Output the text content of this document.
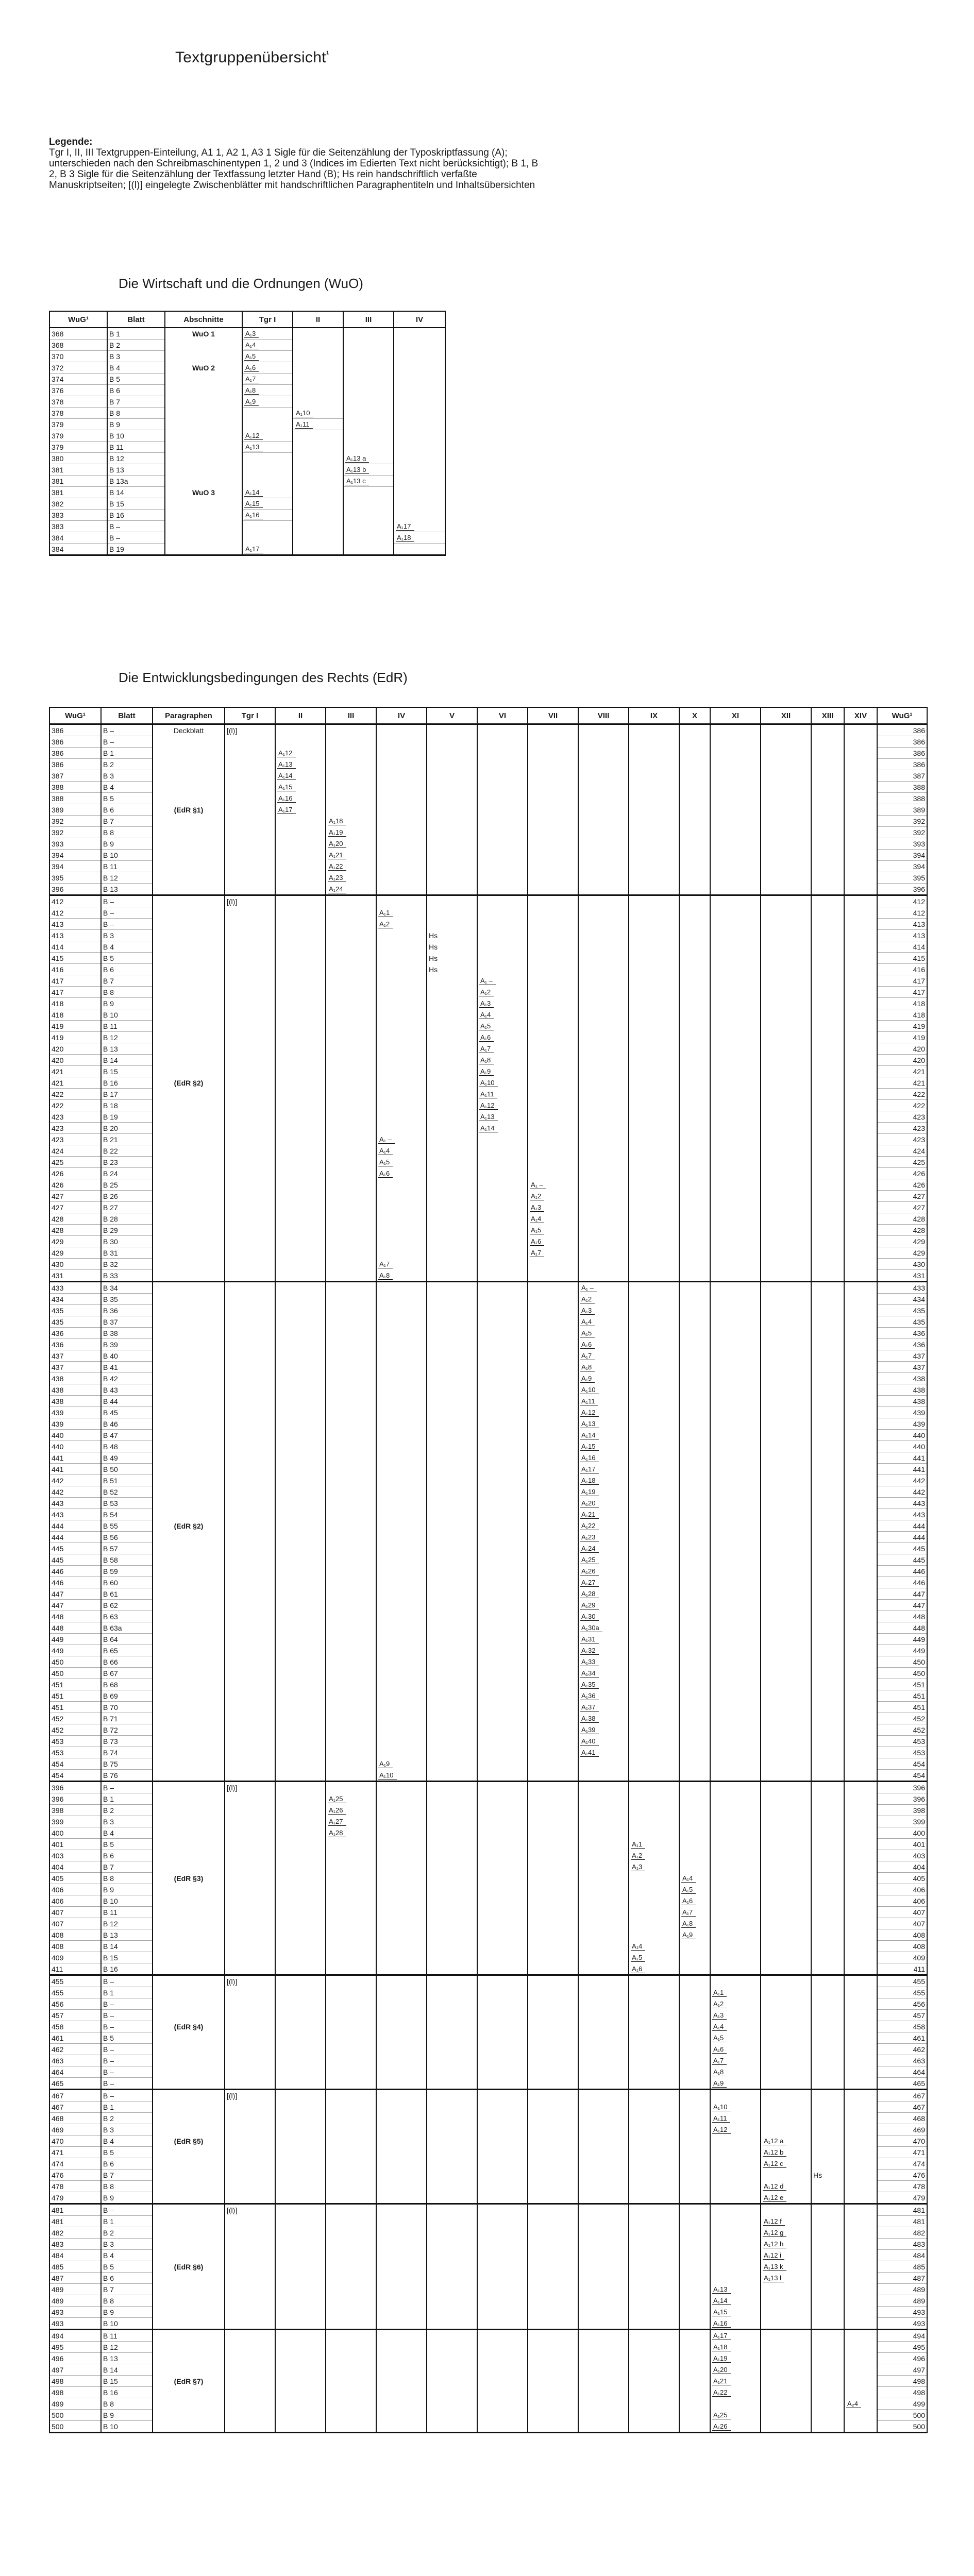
Textgruppenübersicht$^{^1}$
Legende:
Tgr I, II, III Textgruppen-Einteilung, A1 1, A2 1, A3 1 Sigle für die Seitenzählung der Typoskriptfassung (A); unterschieden nach den Schreibmaschinentypen 1, 2 und 3 (Indices im Edierten Text nicht berücksichtigt); B 1, B 2, B 3 Sigle für die Seitenzählung der Textfassung letzter Hand (B); Hs rein handschriftlich verfaßte Manuskriptseiten; [(l)] eingelegte Zwischenblätter mit handschriftlichen Paragraphentiteln und Inhaltsübersichten
Die Wirtschaft und die Ordnungen (WuO)
WuG¹	Blatt	Abschnitte	Tgr I	II	III	IV
368	B 1	WuO 1	A₁3			
368	B 2		A₁4			
370	B 3		A₁5			
372	B 4	WuO 2	A₁6			
374	B 5		A₁7			
376	B 6		A₁8			
378	B 7		A₁9			
378	B 8			A₁10		
379	B 9			A₁11		
379	B 10		A₁12			
379	B 11		A₁13			
380	B 12				A₁13 a	
381	B 13				A₁13 b	
381	B 13a				A₁13 c	
381	B 14	WuO 3	A₁14			
382	B 15		A₁15			
383	B 16		A₁16			
383	B –					A₁17
384	B –					A₁18
384	B 19		A₁17			
Die Entwicklungsbedingungen des Rechts (EdR)
WuG¹	Blatt	Paragraphen	Tgr I	II	III	IV	V	VI	VII	VIII	IX	X	XI	XII	XIII	XIV	WuG¹
386	B –	Deckblatt	[(l)]														386
386	B –																386
386	B 1			A₁12													386
386	B 2			A₁13													386
387	B 3			A₁14													387
388	B 4			A₁15													388
388	B 5			A₁16													388
389	B 6	(EdR §1)		A₁17													389
392	B 7				A₁18												392
392	B 8				A₁19												392
393	B 9				A₁20												393
394	B 10				A₁21												394
394	B 11				A₁22												394
395	B 12				A₁23												395
396	B 13				A₁24												396
412	B –		[(l)]														412
412	B –					A₁1											412
413	B –					A₁2											413
413	B 3						Hs										413
414	B 4						Hs										414
415	B 5						Hs										415
416	B 6						Hs										416
417	B 7							A₁ –									417
417	B 8							A₁2									417
418	B 9							A₁3									418
418	B 10							A₁4									418
419	B 11							A₁5									419
419	B 12							A₁6									419
420	B 13							A₁7									420
420	B 14							A₁8									420
421	B 15							A₁9									421
421	B 16	(EdR §2)						A₁10									421
422	B 17							A₁11									422
422	B 18							A₁12									422
423	B 19							A₁13									423
423	B 20							A₁14									423
423	B 21					A₁ –											423
424	B 22					A₁4											424
425	B 23					A₁5											425
426	B 24					A₁6											426
426	B 25								A₁ –								426
427	B 26								A₁2								427
427	B 27								A₁3								427
428	B 28								A₁4								428
428	B 29								A₁5								428
429	B 30								A₁6								429
429	B 31								A₁7								429
430	B 32					A₁7											430
431	B 33					A₁8											431
433	B 34									A₁ –							433
434	B 35									A₁2							434
435	B 36									A₁3							435
435	B 37									A₁4							435
436	B 38									A₁5							436
436	B 39									A₁6							436
437	B 40									A₁7							437
437	B 41									A₁8							437
438	B 42									A₁9							438
438	B 43									A₁10							438
438	B 44									A₁11							438
439	B 45									A₁12							439
439	B 46									A₁13							439
440	B 47									A₁14							440
440	B 48									A₁15							440
441	B 49									A₁16							441
441	B 50									A₁17							441
442	B 51									A₁18							442
442	B 52									A₁19							442
443	B 53									A₁20							443
443	B 54									A₁21							443
444	B 55	(EdR §2)								A₁22							444
444	B 56									A₁23							444
445	B 57									A₁24							445
445	B 58									A₁25							445
446	B 59									A₁26							446
446	B 60									A₁27							446
447	B 61									A₁28							447
447	B 62									A₁29							447
448	B 63									A₁30							448
448	B 63a									A₁30a							448
449	B 64									A₁31							449
449	B 65									A₁32							449
450	B 66									A₁33							450
450	B 67									A₁34							450
451	B 68									A₁35							451
451	B 69									A₁36							451
451	B 70									A₁37							451
452	B 71									A₁38							452
452	B 72									A₁39							452
453	B 73									A₁40							453
453	B 74									A₁41							453
454	B 75					A₁9											454
454	B 76					A₁10											454
396	B –		[(l)]														396
396	B 1				A₁25												396
398	B 2				A₁26												398
399	B 3				A₁27												399
400	B 4				A₁28												400
401	B 5										A₁1						401
403	B 6										A₁2						403
404	B 7										A₁3						404
405	B 8	(EdR §3)										A₁4					405
406	B 9											A₁5					406
406	B 10											A₁6					406
407	B 11											A₁7					407
407	B 12											A₁8					407
408	B 13											A₁9					408
408	B 14										A₁4						408
409	B 15										A₁5						409
411	B 16										A₁6						411
455	B –		[(l)]														455
455	B 1												A₁1				455
456	B –												A₁2				456
457	B –												A₁3				457
458	B –	(EdR §4)											A₁4				458
461	B 5												A₁5				461
462	B –												A₁6				462
463	B –												A₁7				463
464	B –												A₁8				464
465	B –												A₁9				465
467	B –		[(l)]														467
467	B 1												A₁10				467
468	B 2												A₁11				468
469	B 3												A₁12				469
470	B 4	(EdR §5)												A₁12 a			470
471	B 5													A₁12 b			471
474	B 6													A₁12 c			474
476	B 7														Hs		476
478	B 8													A₁12 d			478
479	B 9													A₁12 e			479
481	B –		[(l)]														481
481	B 1													A₁12 f			481
482	B 2													A₁12 g			482
483	B 3													A₁12 h			483
484	B 4													A₁12 i			484
485	B 5	(EdR §6)												A₁13 k			485
487	B 6													A₁13 l			487
489	B 7												A₁13				489
489	B 8												A₁14				489
493	B 9												A₁15				493
493	B 10												A₁16				493
494	B 11												A₁17				494
495	B 12												A₁18				495
496	B 13												A₁19				496
497	B 14												A₁20				497
498	B 15	(EdR §7)											A₁21				498
498	B 16												A₁22				498
499	B 8															A₂4	499
500	B 9												A₁25				500
500	B 10												A₁26				500
